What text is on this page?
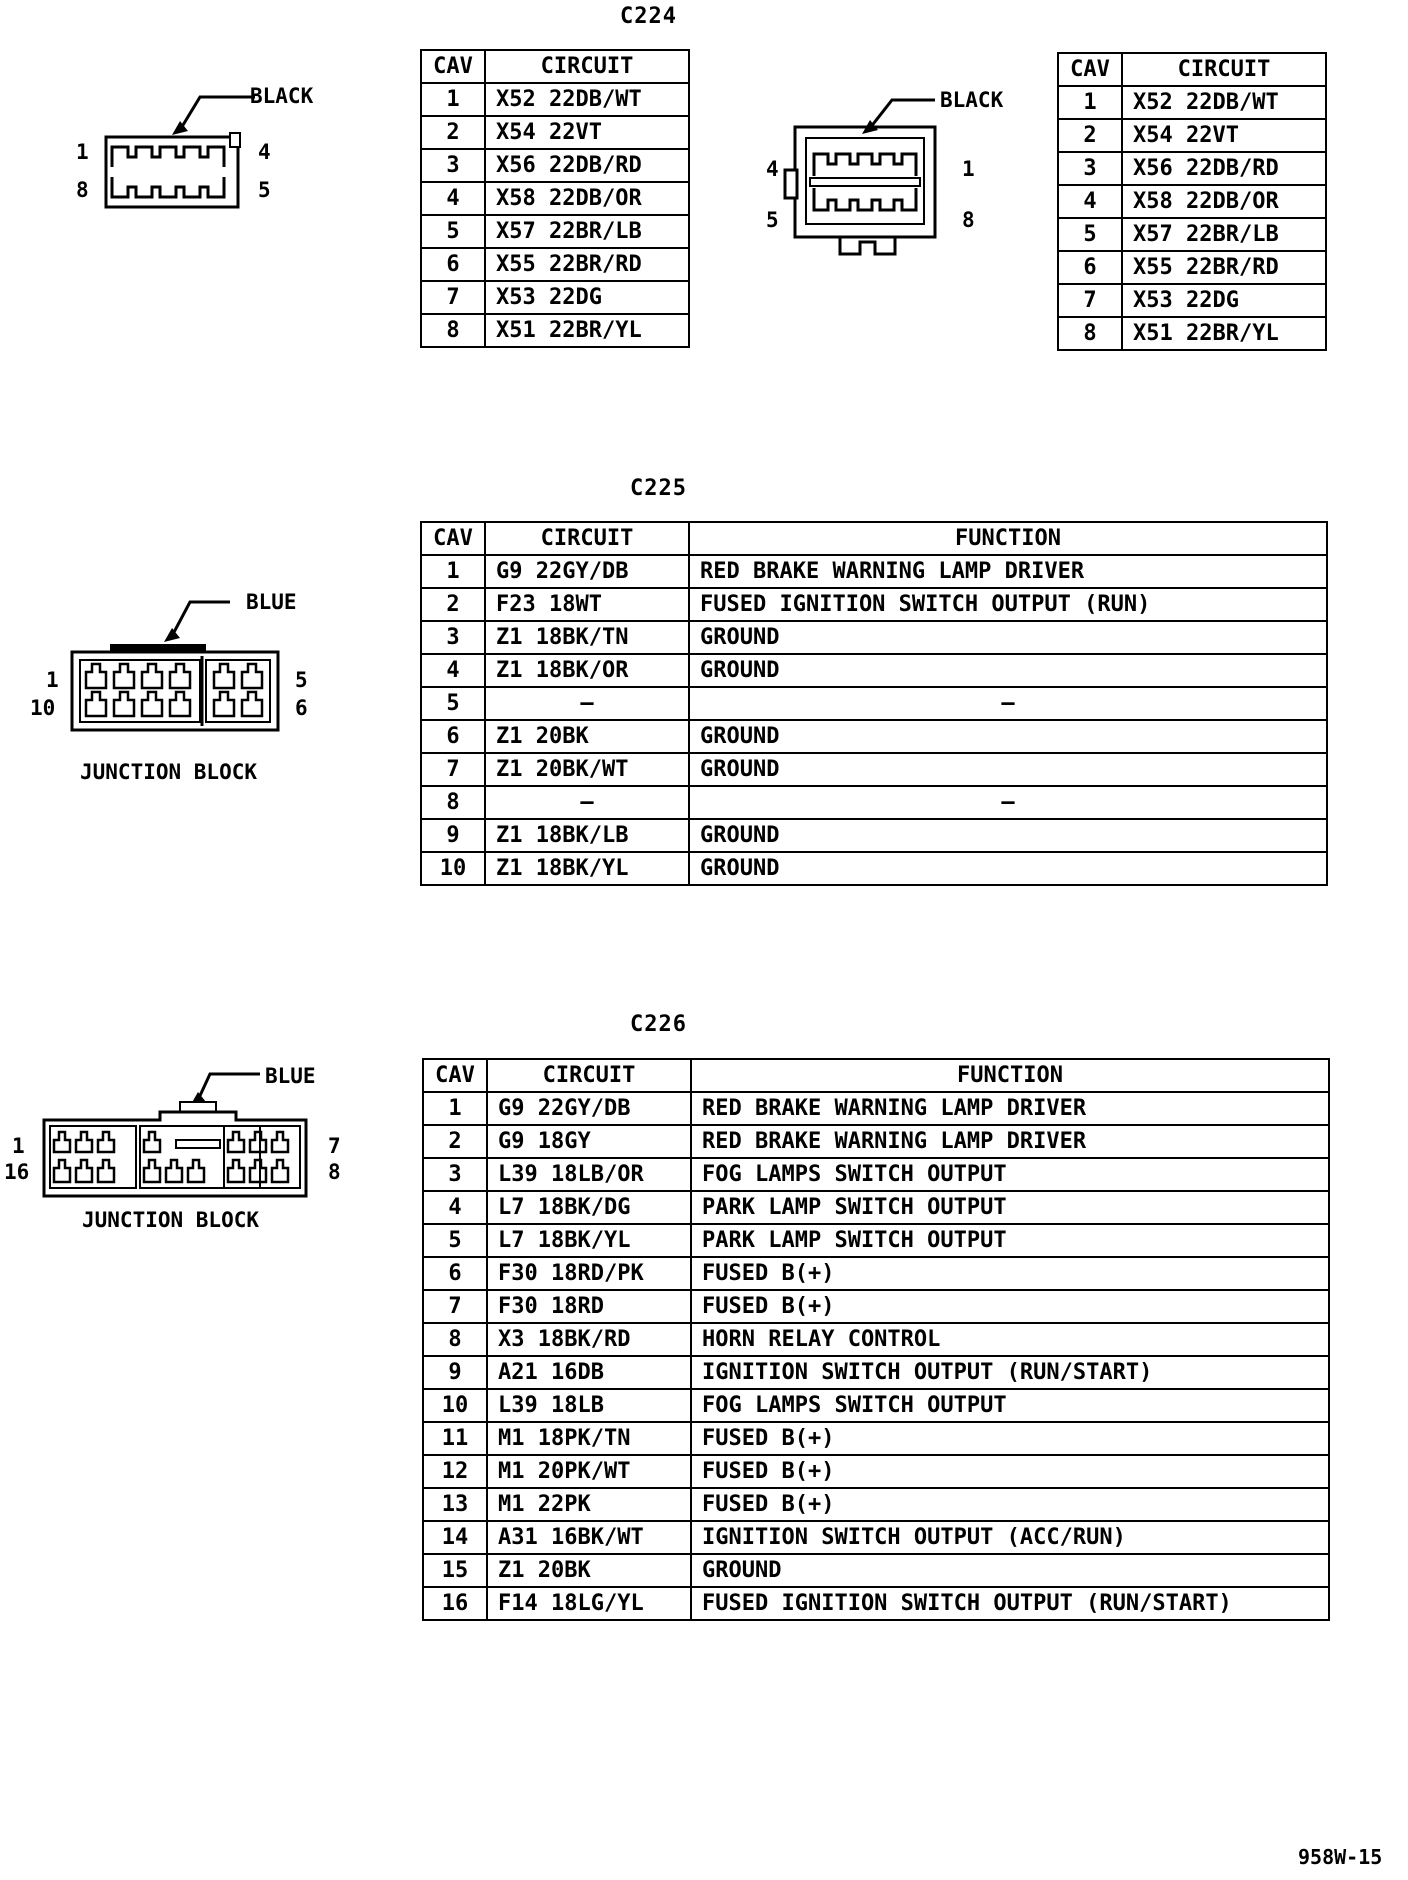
C224
BLACK
1
8
4
5
CAV	CIRCUIT
1	X52 22DB/WT
2	X54 22VT
3	X56 22DB/RD
4	X58 22DB/OR
5	X57 22BR/LB
6	X55 22BR/RD
7	X53 22DG
8	X51 22BR/YL
BLACK
4
5
1
8
CAV	CIRCUIT
1	X52 22DB/WT
2	X54 22VT
3	X56 22DB/RD
4	X58 22DB/OR
5	X57 22BR/LB
6	X55 22BR/RD
7	X53 22DG
8	X51 22BR/YL
C225
BLUE
1
10
5
6
JUNCTION BLOCK
CAV	CIRCUIT	FUNCTION
1	G9 22GY/DB	RED BRAKE WARNING LAMP DRIVER
2	F23 18WT	FUSED IGNITION SWITCH OUTPUT (RUN)
3	Z1 18BK/TN	GROUND
4	Z1 18BK/OR	GROUND
5	–	–
6	Z1 20BK	GROUND
7	Z1 20BK/WT	GROUND
8	–	–
9	Z1 18BK/LB	GROUND
10	Z1 18BK/YL	GROUND
C226
BLUE
1
16
7
8
JUNCTION BLOCK
CAV	CIRCUIT	FUNCTION
1	G9 22GY/DB	RED BRAKE WARNING LAMP DRIVER
2	G9 18GY	RED BRAKE WARNING LAMP DRIVER
3	L39 18LB/OR	FOG LAMPS SWITCH OUTPUT
4	L7 18BK/DG	PARK LAMP SWITCH OUTPUT
5	L7 18BK/YL	PARK LAMP SWITCH OUTPUT
6	F30 18RD/PK	FUSED B(+)
7	F30 18RD	FUSED B(+)
8	X3 18BK/RD	HORN RELAY CONTROL
9	A21 16DB	IGNITION SWITCH OUTPUT (RUN/START)
10	L39 18LB	FOG LAMPS SWITCH OUTPUT
11	M1 18PK/TN	FUSED B(+)
12	M1 20PK/WT	FUSED B(+)
13	M1 22PK	FUSED B(+)
14	A31 16BK/WT	IGNITION SWITCH OUTPUT (ACC/RUN)
15	Z1 20BK	GROUND
16	F14 18LG/YL	FUSED IGNITION SWITCH OUTPUT (RUN/START)
958W-15
